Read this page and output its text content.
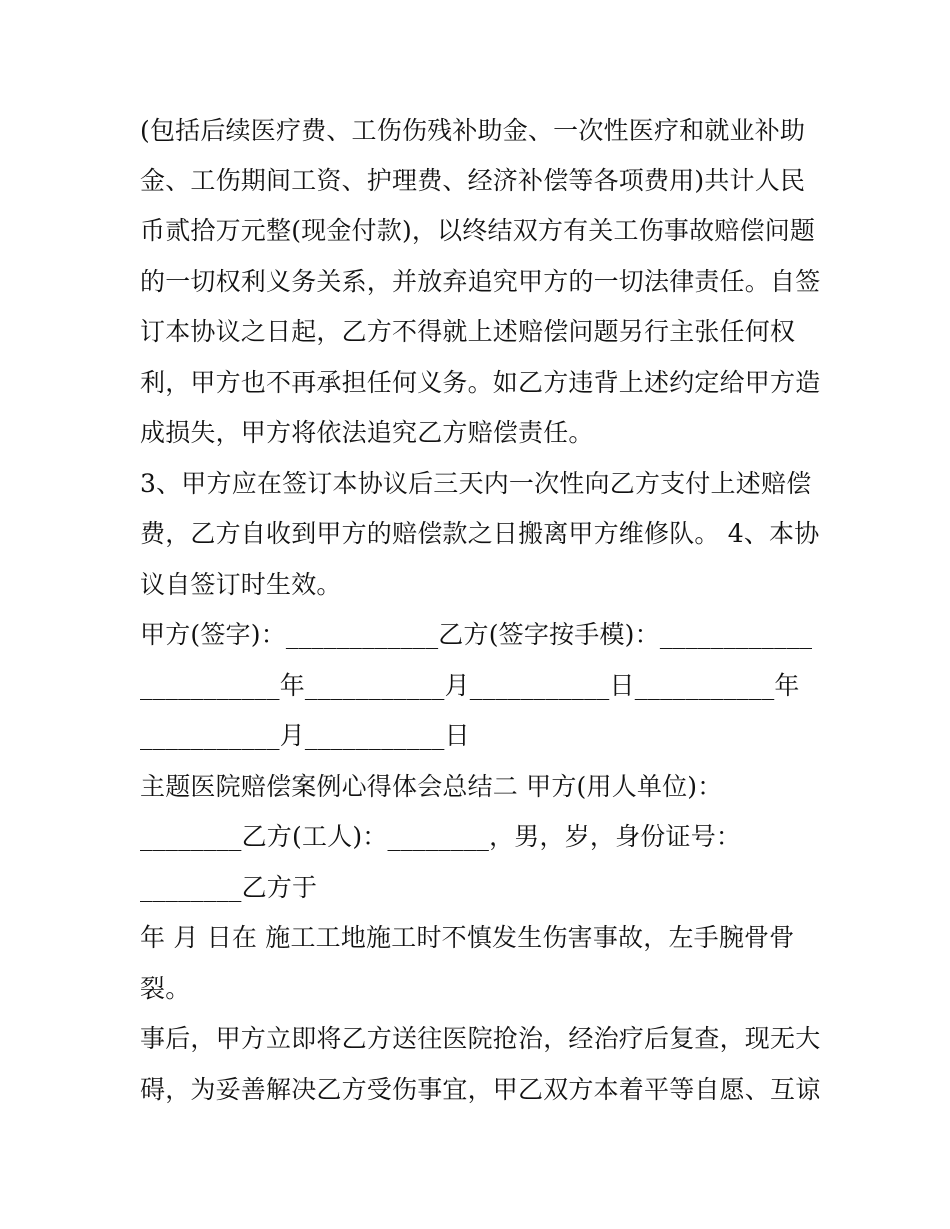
(包括后续医疗费、工伤伤残补助金、一次性医疗和就业补助
金、工伤期间工资、护理费、经济补偿等各项费用)共计人民
币贰拾万元整(现金付款)，以终结双方有关工伤事故赔偿问题
的一切权利义务关系，并放弃追究甲方的一切法律责任。自签
订本协议之日起，乙方不得就上述赔偿问题另行主张任何权
利，甲方也不再承担任何义务。如乙方违背上述约定给甲方造
成损失，甲方将依法追究乙方赔偿责任。
3、甲方应在签订本协议后三天内一次性向乙方支付上述赔偿
费，乙方自收到甲方的赔偿款之日搬离甲方维修队。 4、本协
议自签订时生效。
甲方(签字)：____________乙方(签字按手模)：____________
___________年___________月___________日___________年
___________月___________日
主题医院赔偿案例心得体会总结二 甲方(用人单位)：
________乙方(工人)：________，男，岁，身份证号：
________乙方于
年 月 日在 施工工地施工时不慎发生伤害事故，左手腕骨骨
裂。
事后，甲方立即将乙方送往医院抢治，经治疗后复查，现无大
碍，为妥善解决乙方受伤事宜，甲乙双方本着平等自愿、互谅
